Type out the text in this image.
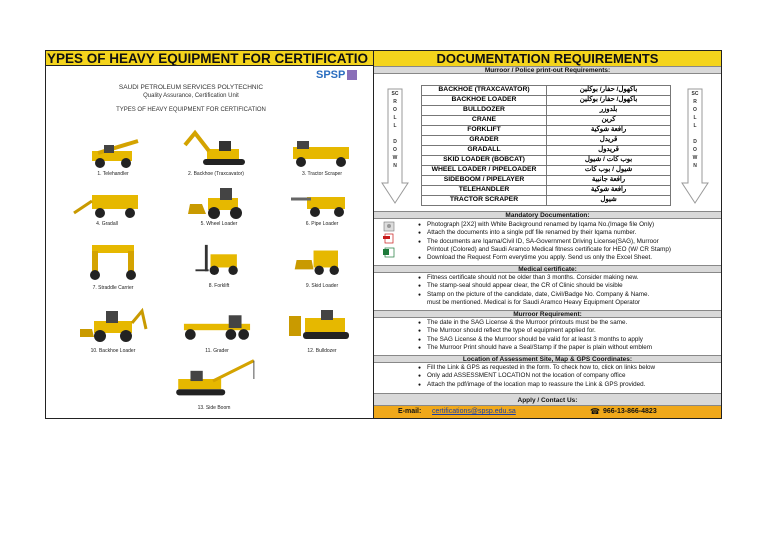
YPES OF HEAVY EQUIPMENT FOR CERTIFICATIO
SPSP
SAUDI PETROLEUM SERVICES POLYTECHNIC
Quality Assurance, Certification Unit
TYPES OF HEAVY EQUIPMENT FOR CERTIFICATION
1. Telehandler	2. Backhoe (Traxcavator)	3. Tractor Scraper
4. Gradall	5. Wheel Loader	6. Pipe Loader
7. Straddle Carrier	8. Forklift	9. Skid Loader
10. Backhoe Loader	11. Grader	12. Bulldozer
13. Side Boom
DOCUMENTATION REQUIREMENTS
Murroor / Police print-out Requirements:
SC
R
O
L
L

D
O
W
N
SC
R
O
L
L

D
O
W
N
BACKHOE (TRAXCAVATOR)	باكهول/ حفار/ بوكلين
BACKHOE LOADER	باكهول/ حفار/ بوكلين
BULLDOZER	بلدوزر
CRANE	كرين
FORKLIFT	رافعة شوكية
GRADER	قريدل
GRADALL	قريدول
SKID LOADER (BOBCAT)	بوب كات / شيول
WHEEL LOADER / PIPELOADER	شيول / بوب كات
SIDEBOOM / PIPELAYER	رافعة جانبية
TELEHANDLER	رافعة شوكية
TRACTOR SCRAPER	شيول
Mandatory Documentation:
● Photograph [2X2] with White Background renamed by Iqama No.(Image file Only)
● Attach the documents into a single pdf file renamed by their Iqama number.
● The documents are Iqama/Civil ID, SA-Government Driving License(SAG), Murroor
Printout (Colored) and Saudi Aramco Medical fitness certificate for HEO (W/ CR Stamp)
● Download the Request Form everytime you apply. Send us only the Excel Sheet.
Medical certificate:
● Fitness certificate should not be older than 3 months. Consider making new.
● The stamp-seal should appear clear, the CR of Clinic should be visible
● Stamp on the picture of the candidate, date, Civil/Badge No. Company & Name.
must be mentioned. Medical is for Saudi Aramco Heavy Equipment Operator
Murroor Requirement:
● The date in the SAG License & the Murroor printouts must be the same.
● The Murroor should reflect the type of equipment applied for.
● The SAG License & the Murroor should be valid for at least 3 months to apply
● The Murroor Print should have a Seal/Stamp if the paper is plain without emblem
Location of Assessment Site, Map & GPS Coordinates:
● Fill the Link & GPS as requested in the form. To check how to, click on links below
● Only add ASSESSMENT LOCATION not the location of company office
● Attach the pdf/image of the location map to reassure the Link & GPS provided.
Apply / Contact Us:
E-mail: certifications@spsp.edu.sa	☎ 966-13-866-4823
